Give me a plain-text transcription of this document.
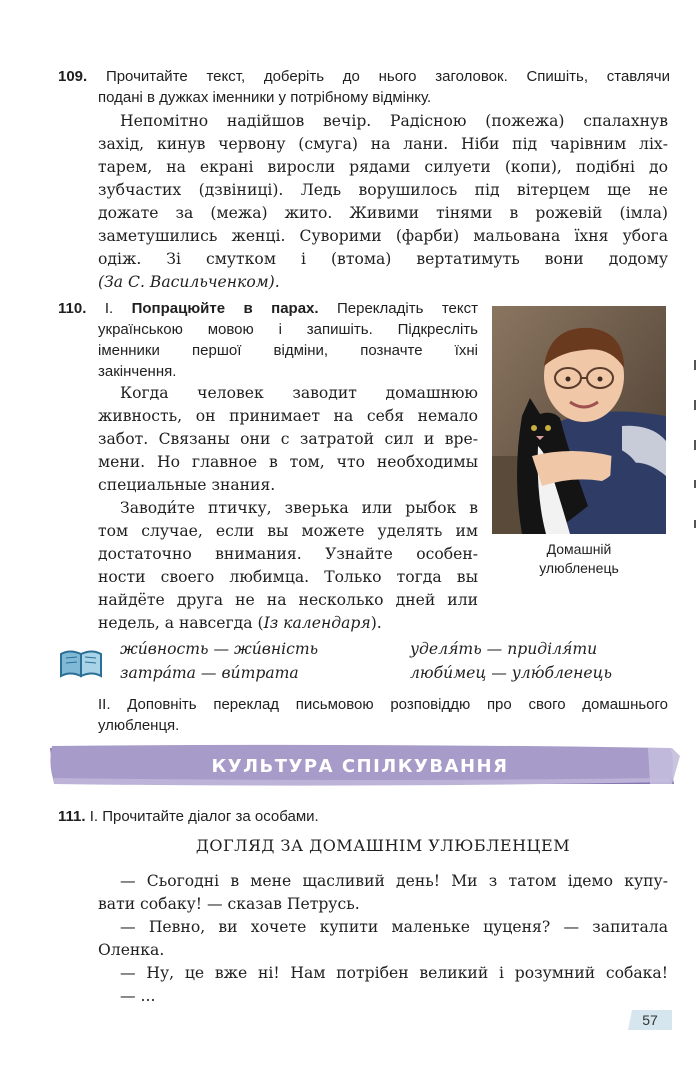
109. Прочитайте текст, доберіть до нього заголовок. Спишіть, ставлячи
подані в дужках іменники у потрібному відмінку.
Непомітно надійшов вечір. Радісною (пожежа) спалахнув
захід, кинув червону (смуга) на лани. Ніби під чарівним ліх-
тарем, на екрані виросли рядами силуети (копи), подібні до
зубчастих (дзвіниці). Ледь ворушилось під вітерцем ще не
дожате за (межа) жито. Живими тінями в рожевій (імла)
заметушились женці. Суворими (фарби) мальована їхня убога
одіж. Зі смутком і (втома) вертатимуть вони додому
(За С. Васильченком).
110. І. Попрацюйте в парах. Перекладіть текст
українською мовою і запишіть. Підкресліть
іменники першої відміни, позначте їхні
закінчення.
Когда человек заводит домашнюю
живность, он принимает на себя немало
забот. Связаны они с затратой сил и вре-
мени. Но главное в том, что необходимы
специальные знания.
Заводи́те птичку, зверька или рыбок в
том случае, если вы можете уделять им
достаточно внимания. Узнайте особен-
ности своего любимца. Только тогда вы
найдёте друга не на несколько дней или
недель, а навсегда (Із календаря).
Домашній
улюбленець
жи́вность — жи́вність	уделя́ть — приділя́ти
затра́та — ви́трата	люби́мец — улю́бленець
ІІ. Доповніть переклад письмовою розповіддю про свого домашнього
улюбленця.
КУЛЬТУРА СПІЛКУВАННЯ
111. І. Прочитайте діалог за особами.
ДОГЛЯД ЗА ДОМАШНІМ УЛЮБЛЕНЦЕМ
— Сьогодні в мене щасливий день! Ми з татом ідемо купу-
вати собаку! — сказав Петрусь.
— Певно, ви хочете купити маленьке цуценя? — запитала
Оленка.
— Ну, це вже ні! Нам потрібен великий і розумний собака!
— ...
57
